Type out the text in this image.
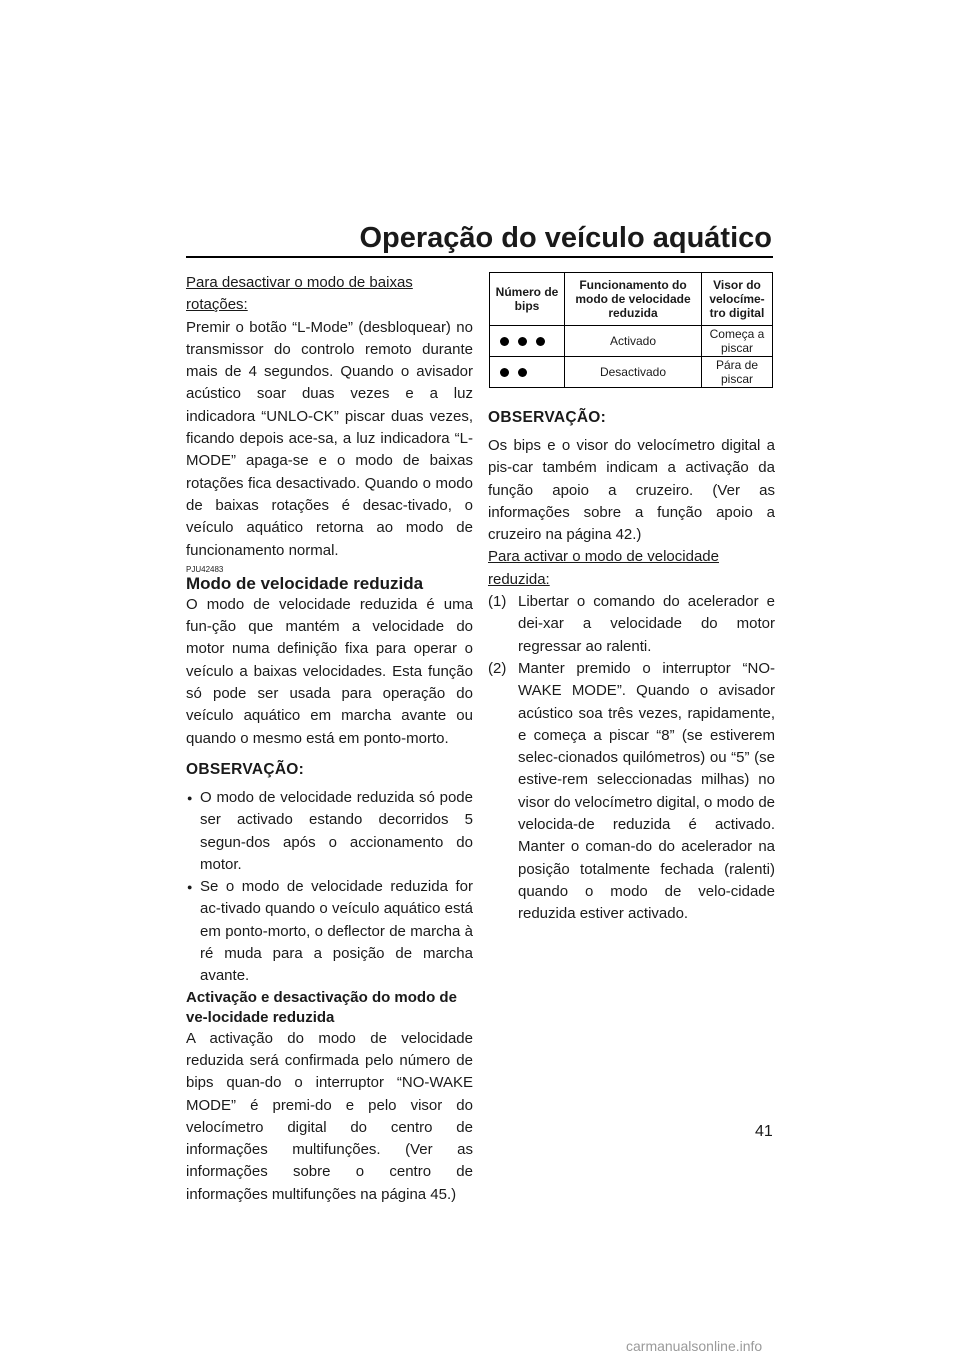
Operação do veículo aquático

Para desactivar o modo de baixas rotações:

Premir o botão “L-Mode” (desbloquear) no transmissor do controlo remoto durante mais de 4 segundos. Quando o avisador acústico soar duas vezes e a luz indicadora “UNLO-CK” piscar duas vezes, ficando depois ace-sa, a luz indicadora “L-MODE” apaga-se e o modo de baixas rotações fica desactivado. Quando o modo de baixas rotações é desac-tivado, o veículo aquático retorna ao modo de funcionamento normal.

PJU42483
Modo de velocidade reduzida

O modo de velocidade reduzida é uma fun-ção que mantém a velocidade do motor numa definição fixa para operar o veículo a baixas velocidades. Esta função só pode ser usada para operação do veículo aquático em marcha avante ou quando o mesmo está em ponto-morto.

OBSERVAÇÃO:
● O modo de velocidade reduzida só pode ser activado estando decorridos 5 segun-dos após o accionamento do motor.
● Se o modo de velocidade reduzida for ac-tivado quando o veículo aquático está em ponto-morto, o deflector de marcha à ré muda para a posição de marcha avante.
Activação e desactivação do modo de ve-locidade reduzida

A activação do modo de velocidade reduzida será confirmada pelo número de bips quan-do o interruptor “NO-WAKE MODE” é premi-do e pelo visor do velocímetro digital do centro de informações multifunções. (Ver as informações sobre o centro de informações multifunções na página 45.)

Número de bips	Funcionamento do modo de velocidade reduzida	Visor do velocíme-tro digital

	Activado	Começa a piscar

	Desactivado	Pára de piscar
OBSERVAÇÃO:

Os bips e o visor do velocímetro digital a pis-car também indicam a activação da função apoio a cruzeiro. (Ver as informações sobre a função apoio a cruzeiro na página 42.)

Para activar o modo de velocidade reduzida:

(1) Libertar o comando do acelerador e dei-xar a velocidade do motor regressar ao ralenti.
(2) Manter premido o interruptor “NO-WAKE MODE”. Quando o avisador acústico soa três vezes, rapidamente, e começa a piscar “8” (se estiverem selec-cionados quilómetros) ou “5” (se estive-rem seleccionadas milhas) no visor do velocímetro digital, o modo de velocida-de reduzida é activado. Manter o coman-do do acelerador na posição totalmente fechada (ralenti) quando o modo de velo-cidade reduzida estiver activado.
41
carmanualsonline.info
